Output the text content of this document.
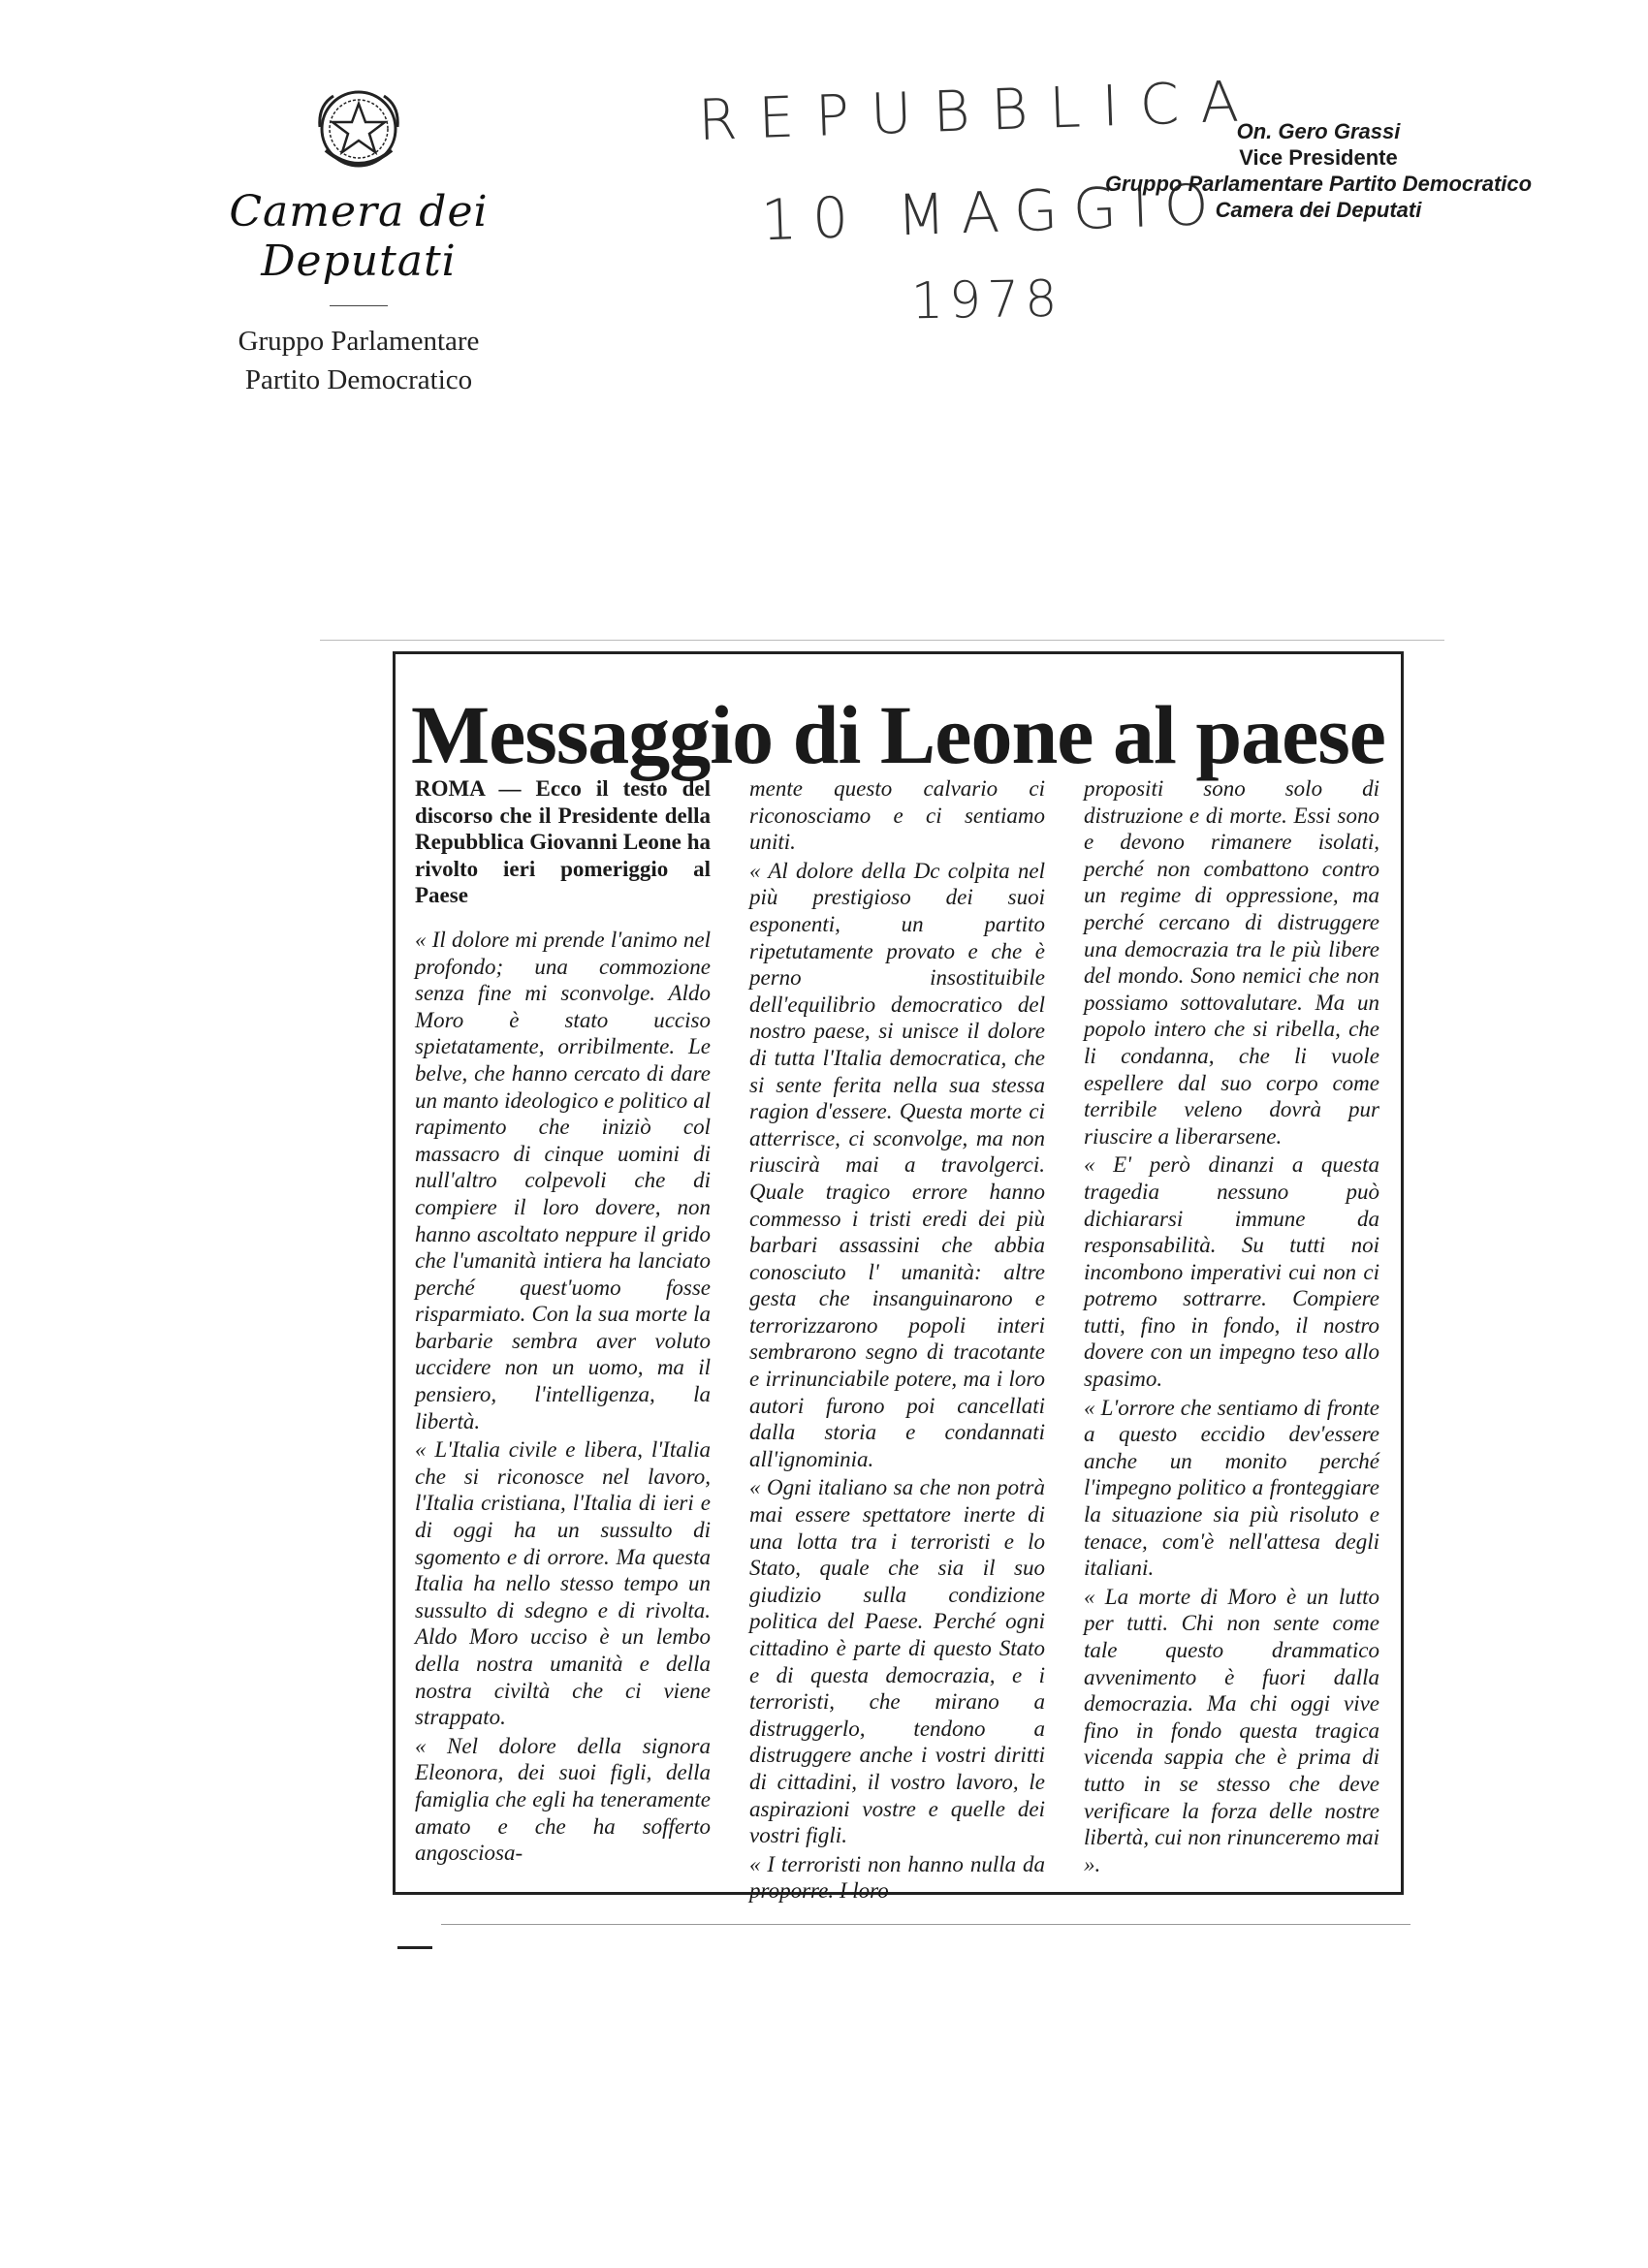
Camera dei Deputati
Gruppo Parlamentare
Partito Democratico
REPUBBLICA
10 MAGGIO
1978
On. Gero Grassi
Vice Presidente
Gruppo Parlamentare Partito Democratico
Camera dei Deputati
Messaggio di Leone al paese

ROMA — Ecco il testo del discorso che il Presidente della Repubblica Giovanni Leone ha rivolto ieri pomeriggio al Paese

« Il dolore mi prende l'animo nel profondo; una commozione senza fine mi sconvolge. Aldo Moro è stato ucciso spietatamente, orribilmente. Le belve, che hanno cercato di dare un manto ideologico e politico al rapimento che iniziò col massacro di cinque uomini di null'altro colpevoli che di compiere il loro dovere, non hanno ascoltato neppure il grido che l'umanità intiera ha lanciato perché quest'uomo fosse risparmiato. Con la sua morte la barbarie sembra aver voluto uccidere non un uomo, ma il pensiero, l'intelligenza, la libertà.

« L'Italia civile e libera, l'Italia che si riconosce nel lavoro, l'Italia cristiana, l'Italia di ieri e di oggi ha un sussulto di sgomento e di orrore. Ma questa Italia ha nello stesso tempo un sussulto di sdegno e di rivolta. Aldo Moro ucciso è un lembo della nostra umanità e della nostra civiltà che ci viene strappato.

« Nel dolore della signora Eleonora, dei suoi figli, della famiglia che egli ha teneramente amato e che ha sofferto angosciosa-

mente questo calvario ci riconosciamo e ci sentiamo uniti.

« Al dolore della Dc colpita nel più prestigioso dei suoi esponenti, un partito ripetutamente provato e che è perno insostituibile dell'equilibrio democratico del nostro paese, si unisce il dolore di tutta l'Italia democratica, che si sente ferita nella sua stessa ragion d'essere. Questa morte ci atterrisce, ci sconvolge, ma non riuscirà mai a travolgerci. Quale tragico errore hanno commesso i tristi eredi dei più barbari assassini che abbia conosciuto l' umanità: altre gesta che insanguinarono e terrorizzarono popoli interi sembrarono segno di tracotante e irrinunciabile potere, ma i loro autori furono poi cancellati dalla storia e condannati all'ignominia.

« Ogni italiano sa che non potrà mai essere spettatore inerte di una lotta tra i terroristi e lo Stato, quale che sia il suo giudizio sulla condizione politica del Paese. Perché ogni cittadino è parte di questo Stato e di questa democrazia, e i terroristi, che mirano a distruggerlo, tendono a distruggere anche i vostri diritti di cittadini, il vostro lavoro, le aspirazioni vostre e quelle dei vostri figli.

« I terroristi non hanno nulla da proporre. I loro

propositi sono solo di distruzione e di morte. Essi sono e devono rimanere isolati, perché non combattono contro un regime di oppressione, ma perché cercano di distruggere una democrazia tra le più libere del mondo. Sono nemici che non possiamo sottovalutare. Ma un popolo intero che si ribella, che li condanna, che li vuole espellere dal suo corpo come terribile veleno dovrà pur riuscire a liberarsene.

« E' però dinanzi a questa tragedia nessuno può dichiararsi immune da responsabilità. Su tutti noi incombono imperativi cui non ci potremo sottrarre. Compiere tutti, fino in fondo, il nostro dovere con un impegno teso allo spasimo.

« L'orrore che sentiamo di fronte a questo eccidio dev'essere anche un monito perché l'impegno politico a fronteggiare la situazione sia più risoluto e tenace, com'è nell'attesa degli italiani.

« La morte di Moro è un lutto per tutti. Chi non sente come tale questo drammatico avvenimento è fuori dalla democrazia. Ma chi oggi vive fino in fondo questa tragica vicenda sappia che è prima di tutto in se stesso che deve verificare la forza delle nostre libertà, cui non rinunceremo mai ».
